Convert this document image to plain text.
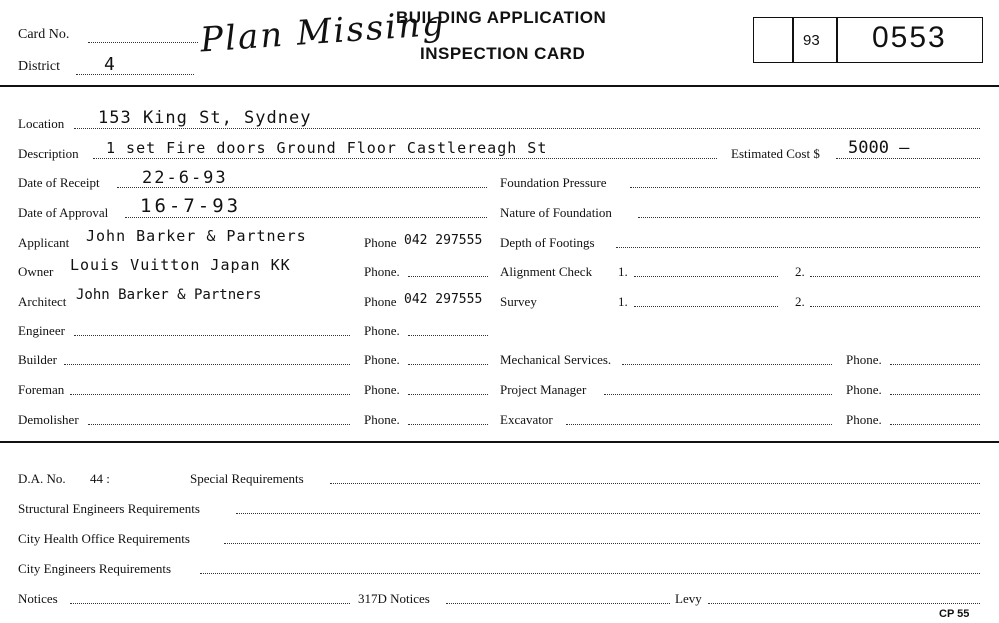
Card No.
District 4
Plan Missing
BUILDING APPLICATION
INSPECTION CARD
93 0553
Location 153 King St, Sydney
Description 1 set Fire doors Ground Floor Castlereagh St	Estimated Cost $ 5000 —
Date of Receipt 22-6-93	Foundation Pressure
Date of Approval 16-7-93	Nature of Foundation
Applicant John Barker & Partners	Phone 042 297555 Depth of Footings
Owner Louis Vuitton Japan KK	Phone.	Alignment Check 1.	2.
Architect John Barker & Partners	Phone 042 297555 Survey	1.	2.
Engineer	Phone.
Builder	Phone.	Mechanical Services.	Phone.
Foreman	Phone.	Project Manager	Phone.
Demolisher	Phone.	Excavator	Phone.
D.A. No. 44 :	Special Requirements
Structural Engineers Requirements
City Health Office Requirements
City Engineers Requirements
Notices	317D Notices	Levy
CP 55
